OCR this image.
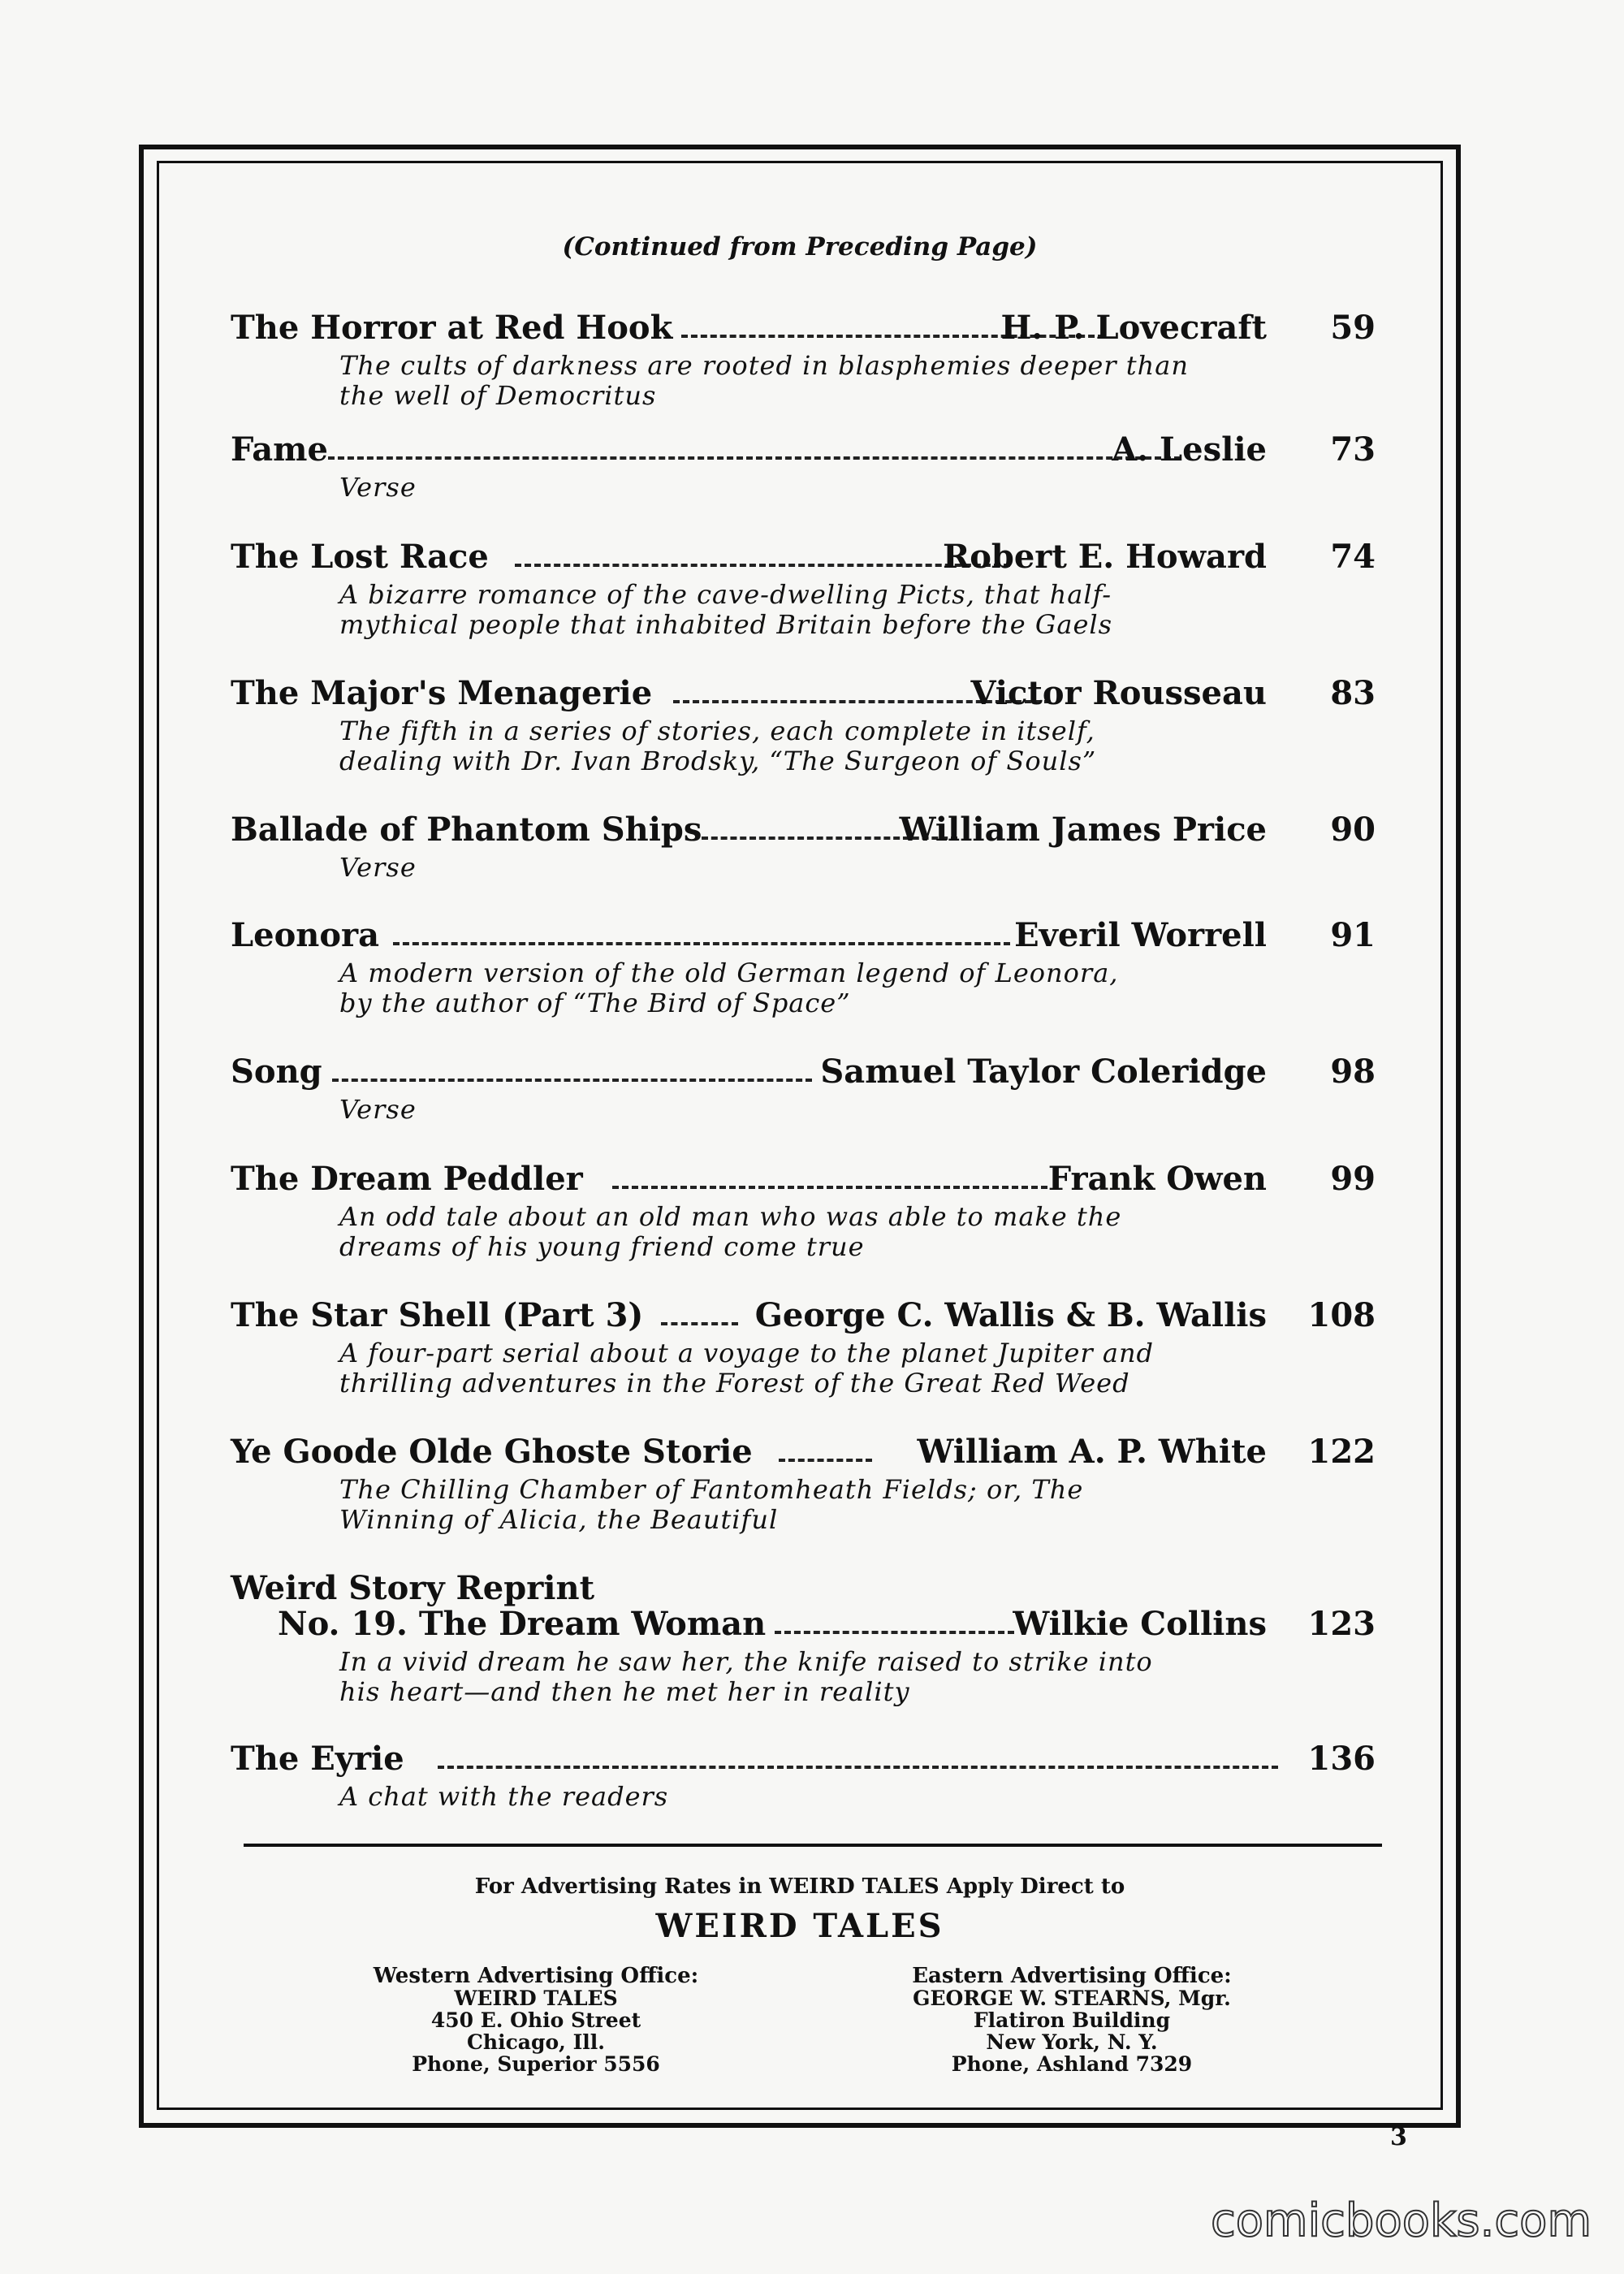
(Continued from Preceding Page)
The Horror at Red Hook	H. P. Lovecraft 59
The cults of darkness are rooted in blasphemies deeper than
the well of Democritus
Fame	A. Leslie 73
Verse
The Lost Race	Robert E. Howard 74
A bizarre romance of the cave-dwelling Picts, that half-
mythical people that inhabited Britain before the Gaels
The Major's Menagerie	Victor Rousseau 83
The fifth in a series of stories, each complete in itself,
dealing with Dr. Ivan Brodsky, “The Surgeon of Souls”
Ballade of Phantom Ships	William James Price 90
Verse
Leonora	Everil Worrell 91
A modern version of the old German legend of Leonora,
by the author of “The Bird of Space”
Song	Samuel Taylor Coleridge 98
Verse
The Dream Peddler	Frank Owen 99
An odd tale about an old man who was able to make the
dreams of his young friend come true
The Star Shell (Part 3)	George C. Wallis & B. Wallis 108
A four-part serial about a voyage to the planet Jupiter and
thrilling adventures in the Forest of the Great Red Weed
Ye Goode Olde Ghoste Storie	William A. P. White 122
The Chilling Chamber of Fantomheath Fields; or, The
Winning of Alicia, the Beautiful
Weird Story Reprint
No. 19. The Dream Woman	Wilkie Collins 123
In a vivid dream he saw her, the knife raised to strike into
his heart—and then he met her in reality
The Eyrie	136
A chat with the readers
For Advertising Rates in WEIRD TALES Apply Direct to
WEIRD TALES
Western Advertising Office:
WEIRD TALES
450 E. Ohio Street
Chicago, Ill.
Phone, Superior 5556
Eastern Advertising Office:
GEORGE W. STEARNS, Mgr.
Flatiron Building
New York, N. Y.
Phone, Ashland 7329
3
comicbooks.com
